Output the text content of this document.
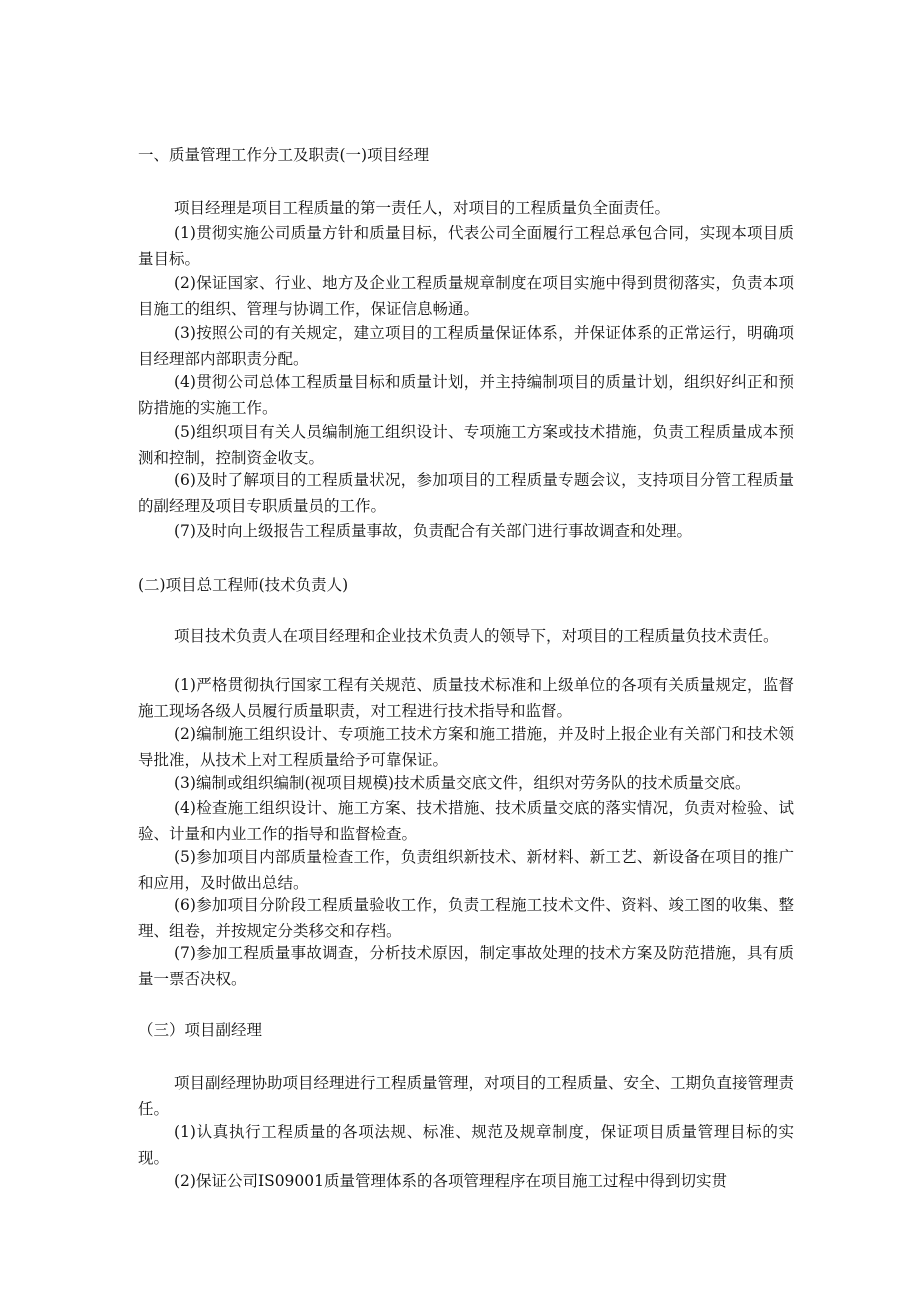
一、质量管理工作分工及职责(一)项目经理
项目经理是项目工程质量的第一责任人，对项目的工程质量负全面责任。
(1)贯彻实施公司质量方针和质量目标，代表公司全面履行工程总承包合同，实现本项目质量目标。
(2)保证国家、行业、地方及企业工程质量规章制度在项目实施中得到贯彻落实，负责本项目施工的组织、管理与协调工作，保证信息畅通。
(3)按照公司的有关规定，建立项目的工程质量保证体系，并保证体系的正常运行，明确项目经理部内部职责分配。
(4)贯彻公司总体工程质量目标和质量计划，并主持编制项目的质量计划，组织好纠正和预防措施的实施工作。
(5)组织项目有关人员编制施工组织设计、专项施工方案或技术措施，负责工程质量成本预测和控制，控制资金收支。
(6)及时了解项目的工程质量状况，参加项目的工程质量专题会议，支持项目分管工程质量的副经理及项目专职质量员的工作。
(7)及时向上级报告工程质量事故，负责配合有关部门进行事故调查和处理。
(二)项目总工程师(技术负责人)
项目技术负责人在项目经理和企业技术负责人的领导下，对项目的工程质量负技术责任。
(1)严格贯彻执行国家工程有关规范、质量技术标准和上级单位的各项有关质量规定，监督施工现场各级人员履行质量职责，对工程进行技术指导和监督。
(2)编制施工组织设计、专项施工技术方案和施工措施，并及时上报企业有关部门和技术领导批准，从技术上对工程质量给予可靠保证。
(3)编制或组织编制(视项目规模)技术质量交底文件，组织对劳务队的技术质量交底。
(4)检查施工组织设计、施工方案、技术措施、技术质量交底的落实情况，负责对检验、试验、计量和内业工作的指导和监督检查。
(5)参加项目内部质量检查工作，负责组织新技术、新材料、新工艺、新设备在项目的推广和应用，及时做出总结。
(6)参加项目分阶段工程质量验收工作，负责工程施工技术文件、资料、竣工图的收集、整理、组卷，并按规定分类移交和存档。
(7)参加工程质量事故调查，分析技术原因，制定事故处理的技术方案及防范措施，具有质量一票否决权。
（三）项目副经理
项目副经理协助项目经理进行工程质量管理，对项目的工程质量、安全、工期负直接管理责任。
(1)认真执行工程质量的各项法规、标准、规范及规章制度，保证项目质量管理目标的实现。
(2)保证公司IS09001质量管理体系的各项管理程序在项目施工过程中得到切实贯
